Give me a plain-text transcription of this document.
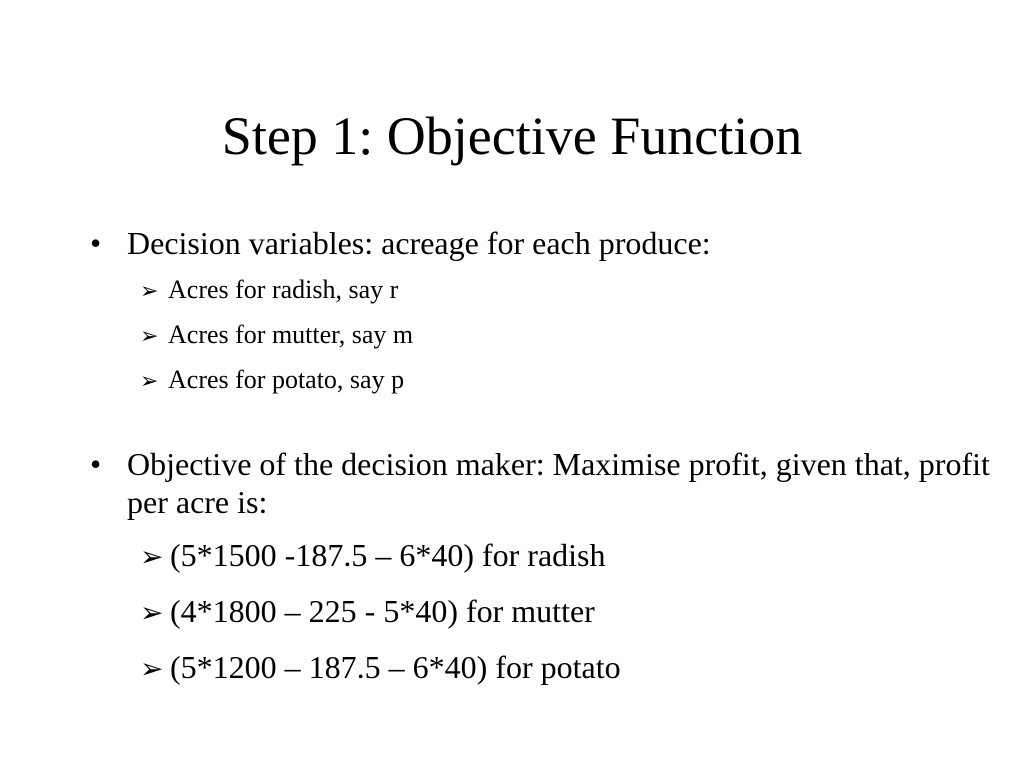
Step 1: Objective Function
• Decision variables: acreage for each produce:
➢ Acres for radish, say r
➢ Acres for mutter, say m
➢ Acres for potato, say p
• Objective of the decision maker: Maximise profit, given that, profit per acre is:
➢ (5*1500 -187.5 – 6*40) for radish
➢ (4*1800 – 225 - 5*40) for mutter
➢ (5*1200 – 187.5 – 6*40) for potato
